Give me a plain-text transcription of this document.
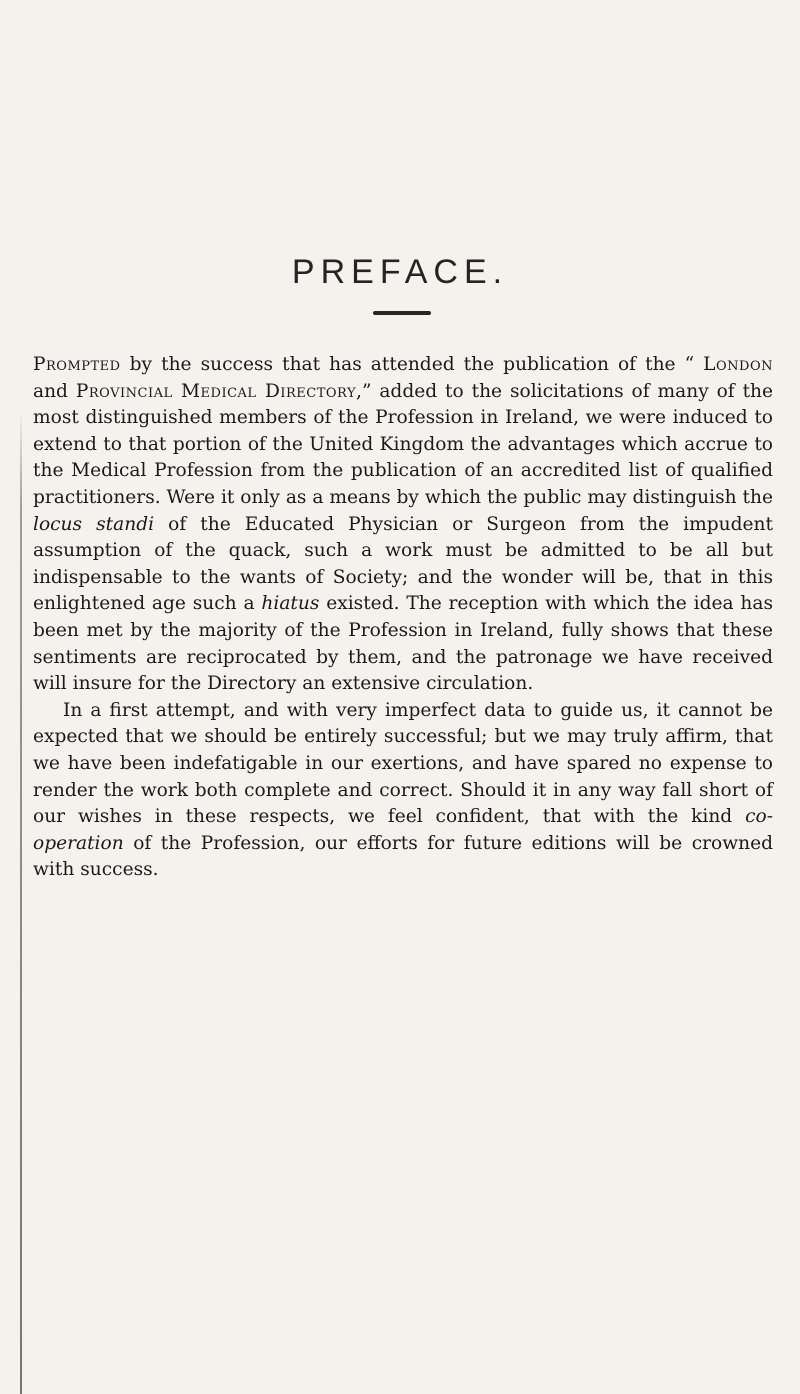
PREFACE.

Prompted by the success that has attended the publication of the “ London and Provincial Medical Directory,” added to the solicitations of many of the most distinguished members of the Profession in Ireland, we were induced to extend to that portion of the United Kingdom the advantages which accrue to the Medical Profession from the publication of an accredited list of qualified practitioners. Were it only as a means by which the public may distinguish the locus standi of the Educated Physician or Surgeon from the impudent assumption of the quack, such a work must be admitted to be all but indispensable to the wants of Society; and the wonder will be, that in this enlightened age such a hiatus existed. The reception with which the idea has been met by the majority of the Profession in Ireland, fully shows that these sentiments are reciprocated by them, and the patronage we have received will insure for the Directory an extensive circulation.

In a first attempt, and with very imperfect data to guide us, it cannot be expected that we should be entirely successful; but we may truly affirm, that we have been indefatigable in our exertions, and have spared no expense to render the work both complete and correct. Should it in any way fall short of our wishes in these respects, we feel confident, that with the kind co-operation of the Profession, our efforts for future editions will be crowned with success.
